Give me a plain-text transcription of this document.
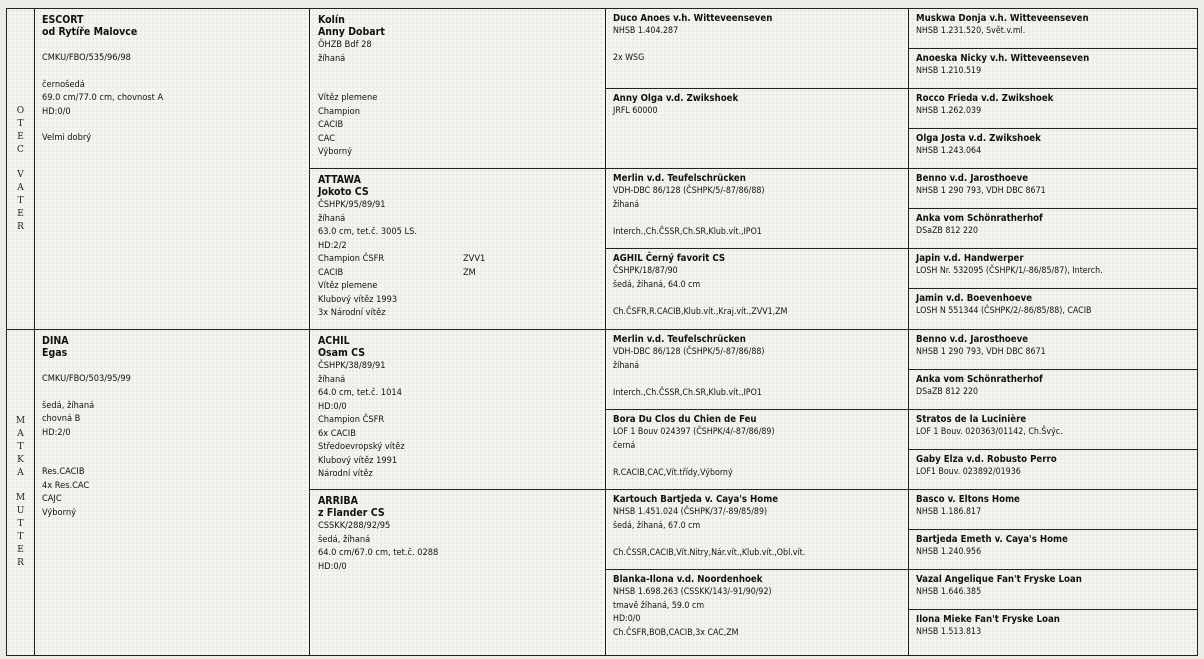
O
T
E
C
V
A
T
E
R
M
A
T
K
A
M
U
T
T
E
R
ESCORT
od Rytíře Malovce
CMKU/FBO/535/96/98
černošedá
69.0 cm/77.0 cm, chovnost A
HD:0/0
Velmi dobrý
DINA
Egas
CMKU/FBO/503/95/99
šedá, žíhaná
chovná B
HD:2/0
Res.CACIB
4x Res.CAC
CAJC
Výborný
Kolín
Anny Dobart
ÖHZB Bdf 28
žíhaná
Vítěz plemene
Champion
CACIB
CAC
Výborný
ATTAWA
Jokoto CS
ČSHPK/95/89/91
žíhaná
63.0 cm, tet.č. 3005 LS.
HD:2/2
Champion ČSFR	ZVV1
CACIB	ZM
Vítěz plemene
Klubový vítěz 1993
3x Národní vítěz
ACHIL
Osam CS
ČSHPK/38/89/91
žíhaná
64.0 cm, tet.č. 1014
HD:0/0
Champion ČSFR
6x CACIB
Středoevropský vítěz
Klubový vítěz 1991
Národní vítěz
ARRIBA
z Flander CS
CSSKK/288/92/95
šedá, žíhaná
64.0 cm/67.0 cm, tet.č. 0288
HD:0/0
Duco Anoes v.h. Witteveenseven
NHSB 1.404.287
2x WSG
Anny Olga v.d. Zwikshoek
JRFL 60000
Merlin v.d. Teufelschrücken
VDH-DBC 86/128 (ČSHPK/5/-87/86/88)
žíhaná
Interch.,Ch.ČSSR,Ch.SR,Klub.vít.,IPO1
AGHIL Černý favorit CS
ČSHPK/18/87/90
šedá, žíhaná, 64.0 cm
Ch.ČSFR,R.CACIB,Klub.vít.,Kraj.vít.,ZVV1,ZM
Merlin v.d. Teufelschrücken
VDH-DBC 86/128 (ČSHPK/5/-87/86/88)
žíhaná
Interch.,Ch.ČSSR,Ch.SR,Klub.vít.,IPO1
Bora Du Clos du Chien de Feu
LOF 1 Bouv 024397 (ČSHPK/4/-87/86/89)
černá
R.CACIB,CAC,Vít.třídy,Výborný
Kartouch Bartjeda v. Caya's Home
NHSB 1.451.024 (ČSHPK/37/-89/85/89)
šedá, žíhaná, 67.0 cm
Ch.ČSSR,CACIB,Vít.Nitry,Nár.vít.,Klub.vít.,Obl.vít.
Blanka-Ilona v.d. Noordenhoek
NHSB 1.698.263 (CSSKK/143/-91/90/92)
tmavě žíhaná, 59.0 cm
HD:0/0
Ch.ČSFR,BOB,CACIB,3x CAC,ZM
Muskwa Donja v.h. Witteveenseven
NHSB 1.231.520, Svět.v.ml.
Anoeska Nicky v.h. Witteveenseven
NHSB 1.210.519
Rocco Frieda v.d. Zwikshoek
NHSB 1.262.039
Olga Josta v.d. Zwikshoek
NHSB 1.243.064
Benno v.d. Jarosthoeve
NHSB 1 290 793, VDH DBC 8671
Anka vom Schönratherhof
DSaZB 812 220
Japin v.d. Handwerper
LOSH Nr. 532095 (ČSHPK/1/-86/85/87), Interch.
Jamin v.d. Boevenhoeve
LOSH N 551344 (ČSHPK/2/-86/85/88), CACIB
Benno v.d. Jarosthoeve
NHSB 1 290 793, VDH DBC 8671
Anka vom Schönratherhof
DSaZB 812 220
Stratos de la Lucinière
LOF 1 Bouv. 020363/01142, Ch.Švýc.
Gaby Elza v.d. Robusto Perro
LOF1 Bouv. 023892/01936
Basco v. Eltons Home
NHSB 1.186.817
Bartjeda Emeth v. Caya's Home
NHSB 1.240.956
Vazal Angelique Fan't Fryske Loan
NHSB 1.646.385
Ilona Mieke Fan't Fryske Loan
NHSB 1.513.813
